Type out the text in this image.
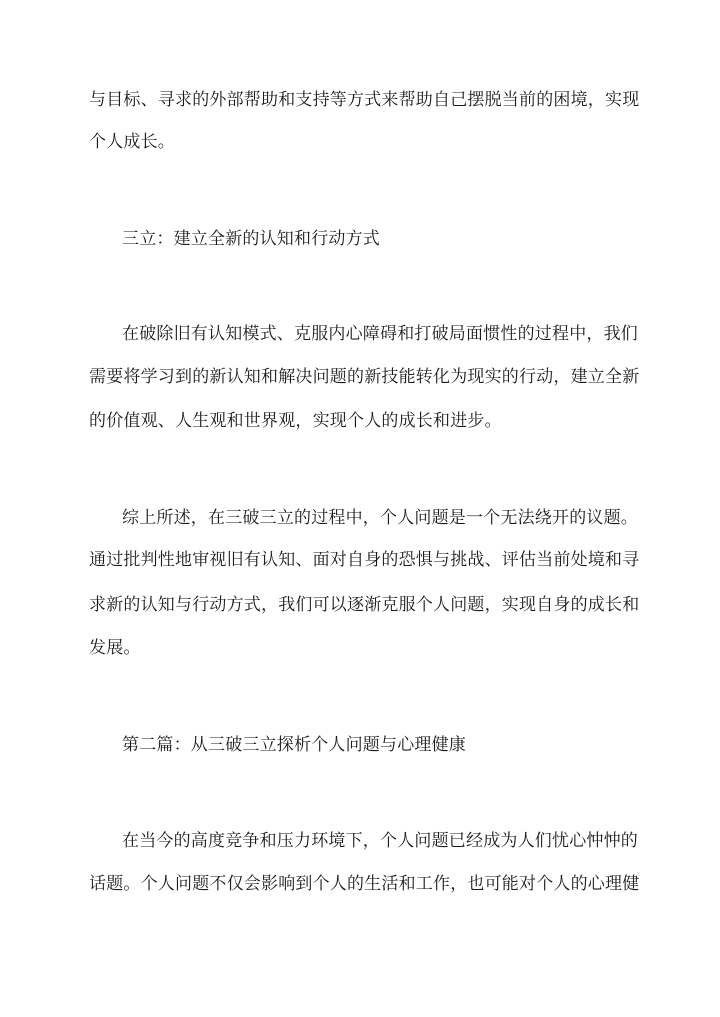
与目标、寻求的外部帮助和支持等方式来帮助自己摆脱当前的困境，实现
个人成长。
三立：建立全新的认知和行动方式
在破除旧有认知模式、克服内心障碍和打破局面惯性的过程中，我们
需要将学习到的新认知和解决问题的新技能转化为现实的行动，建立全新
的价值观、人生观和世界观，实现个人的成长和进步。
综上所述，在三破三立的过程中，个人问题是一个无法绕开的议题。
通过批判性地审视旧有认知、面对自身的恐惧与挑战、评估当前处境和寻
求新的认知与行动方式，我们可以逐渐克服个人问题，实现自身的成长和
发展。
第二篇：从三破三立探析个人问题与心理健康
在当今的高度竞争和压力环境下，个人问题已经成为人们忧心忡忡的
话题。个人问题不仅会影响到个人的生活和工作，也可能对个人的心理健
